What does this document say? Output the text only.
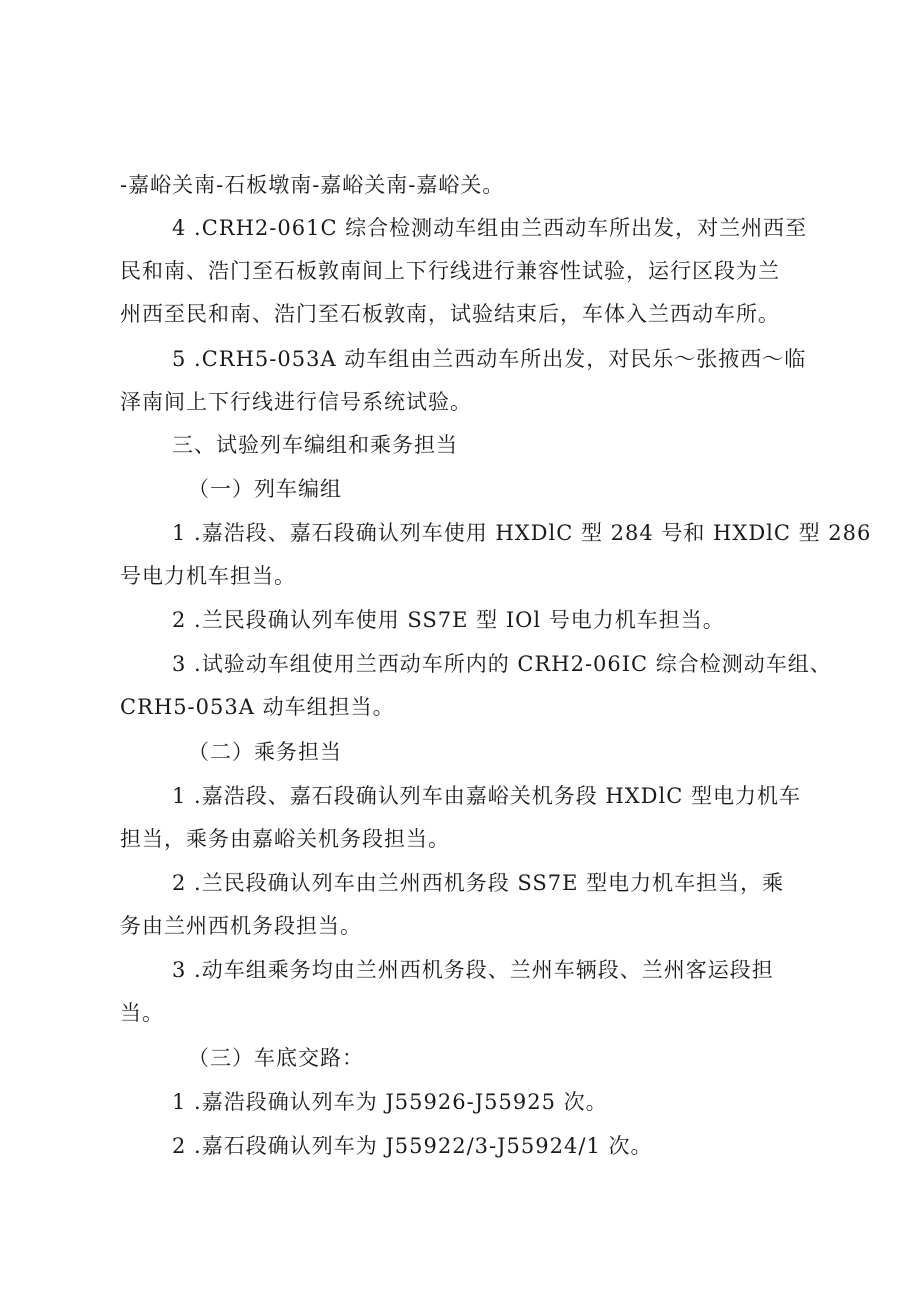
-嘉峪关南-石板墩南-嘉峪关南-嘉峪关。
4 .CRH2-061C 综合检测动车组由兰西动车所出发，对兰州西至
民和南、浩门至石板敦南间上下行线进行兼容性试验，运行区段为兰
州西至民和南、浩门至石板敦南，试验结束后，车体入兰西动车所。
5 .CRH5-053A 动车组由兰西动车所出发，对民乐～张掖西～临
泽南间上下行线进行信号系统试验。
三、试验列车编组和乘务担当
（一）列车编组
1 .嘉浩段、嘉石段确认列车使用 HXDlC 型 284 号和 HXDlC 型 286
号电力机车担当。
2 .兰民段确认列车使用 SS7E 型 IOl 号电力机车担当。
3 .试验动车组使用兰西动车所内的 CRH2-06IC 综合检测动车组、
CRH5-053A 动车组担当。
（二）乘务担当
1 .嘉浩段、嘉石段确认列车由嘉峪关机务段 HXDlC 型电力机车
担当，乘务由嘉峪关机务段担当。
2 .兰民段确认列车由兰州西机务段 SS7E 型电力机车担当，乘
务由兰州西机务段担当。
3 .动车组乘务均由兰州西机务段、兰州车辆段、兰州客运段担
当。
（三）车底交路：
1 .嘉浩段确认列车为 J55926-J55925 次。
2 .嘉石段确认列车为 J55922/3-J55924/1 次。
